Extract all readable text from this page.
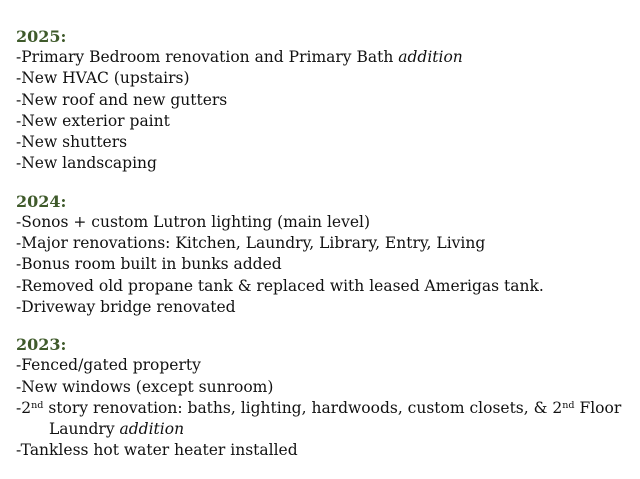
2025:

-Primary Bedroom renovation and Primary Bath addition

-New HVAC (upstairs)

-New roof and new gutters

-New exterior paint

-New shutters

-New landscaping

2024:

-Sonos + custom Lutron lighting (main level)

-Major renovations: Kitchen, Laundry, Library, Entry, Living

-Bonus room built in bunks added

-Removed old propane tank & replaced with leased Amerigas tank.

-Driveway bridge renovated

2023:

-Fenced/gated property

-New windows (except sunroom)

-2nd story renovation: baths, lighting, hardwoods, custom closets, & 2nd Floor
Laundry addition

-Tankless hot water heater installed
